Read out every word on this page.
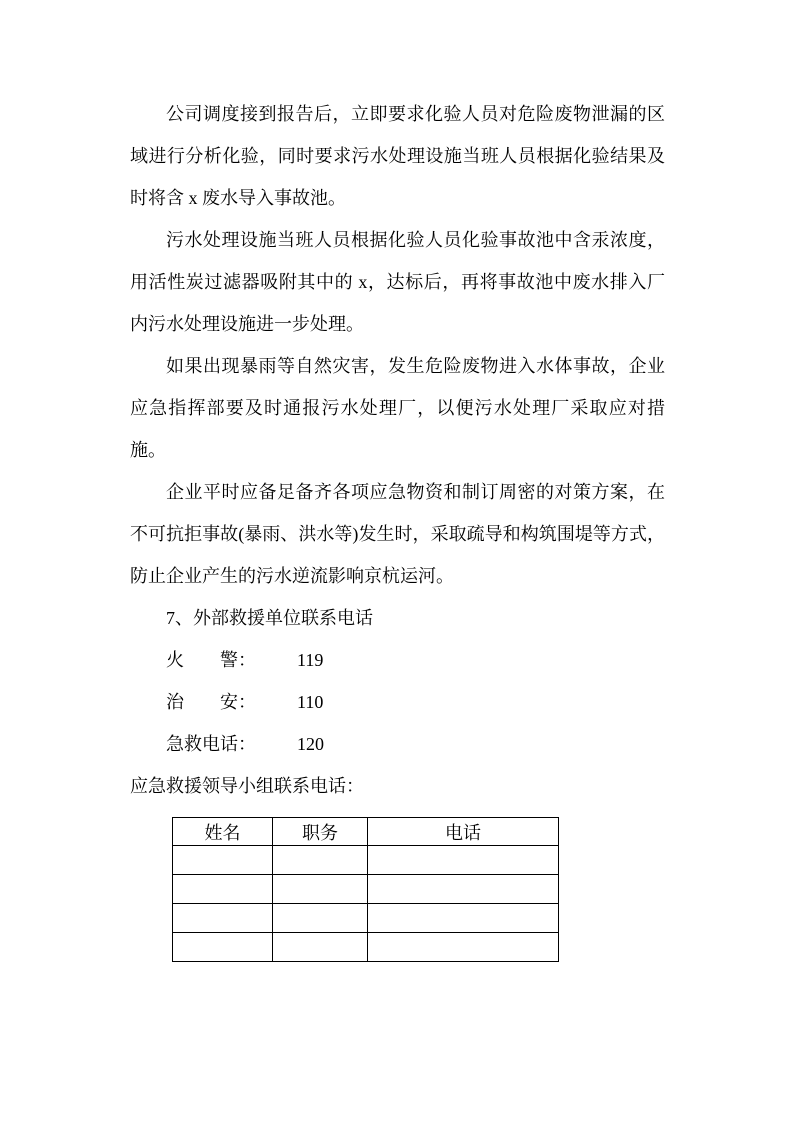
公司调度接到报告后，立即要求化验人员对危险废物泄漏的区
域进行分析化验，同时要求污水处理设施当班人员根据化验结果及
时将含 x 废水导入事故池。
污水处理设施当班人员根据化验人员化验事故池中含汞浓度，
用活性炭过滤器吸附其中的 x，达标后，再将事故池中废水排入厂
内污水处理设施进一步处理。
如果出现暴雨等自然灾害，发生危险废物进入水体事故，企业
应急指挥部要及时通报污水处理厂，以便污水处理厂采取应对措
施。
企业平时应备足备齐各项应急物资和制订周密的对策方案，在
不可抗拒事故(暴雨、洪水等)发生时，采取疏导和构筑围堤等方式，
防止企业产生的污水逆流影响京杭运河。
7、外部救援单位联系电话
火警： 119
治安： 110
急救电话： 120
应急救援领导小组联系电话：
姓名	职务	电话
